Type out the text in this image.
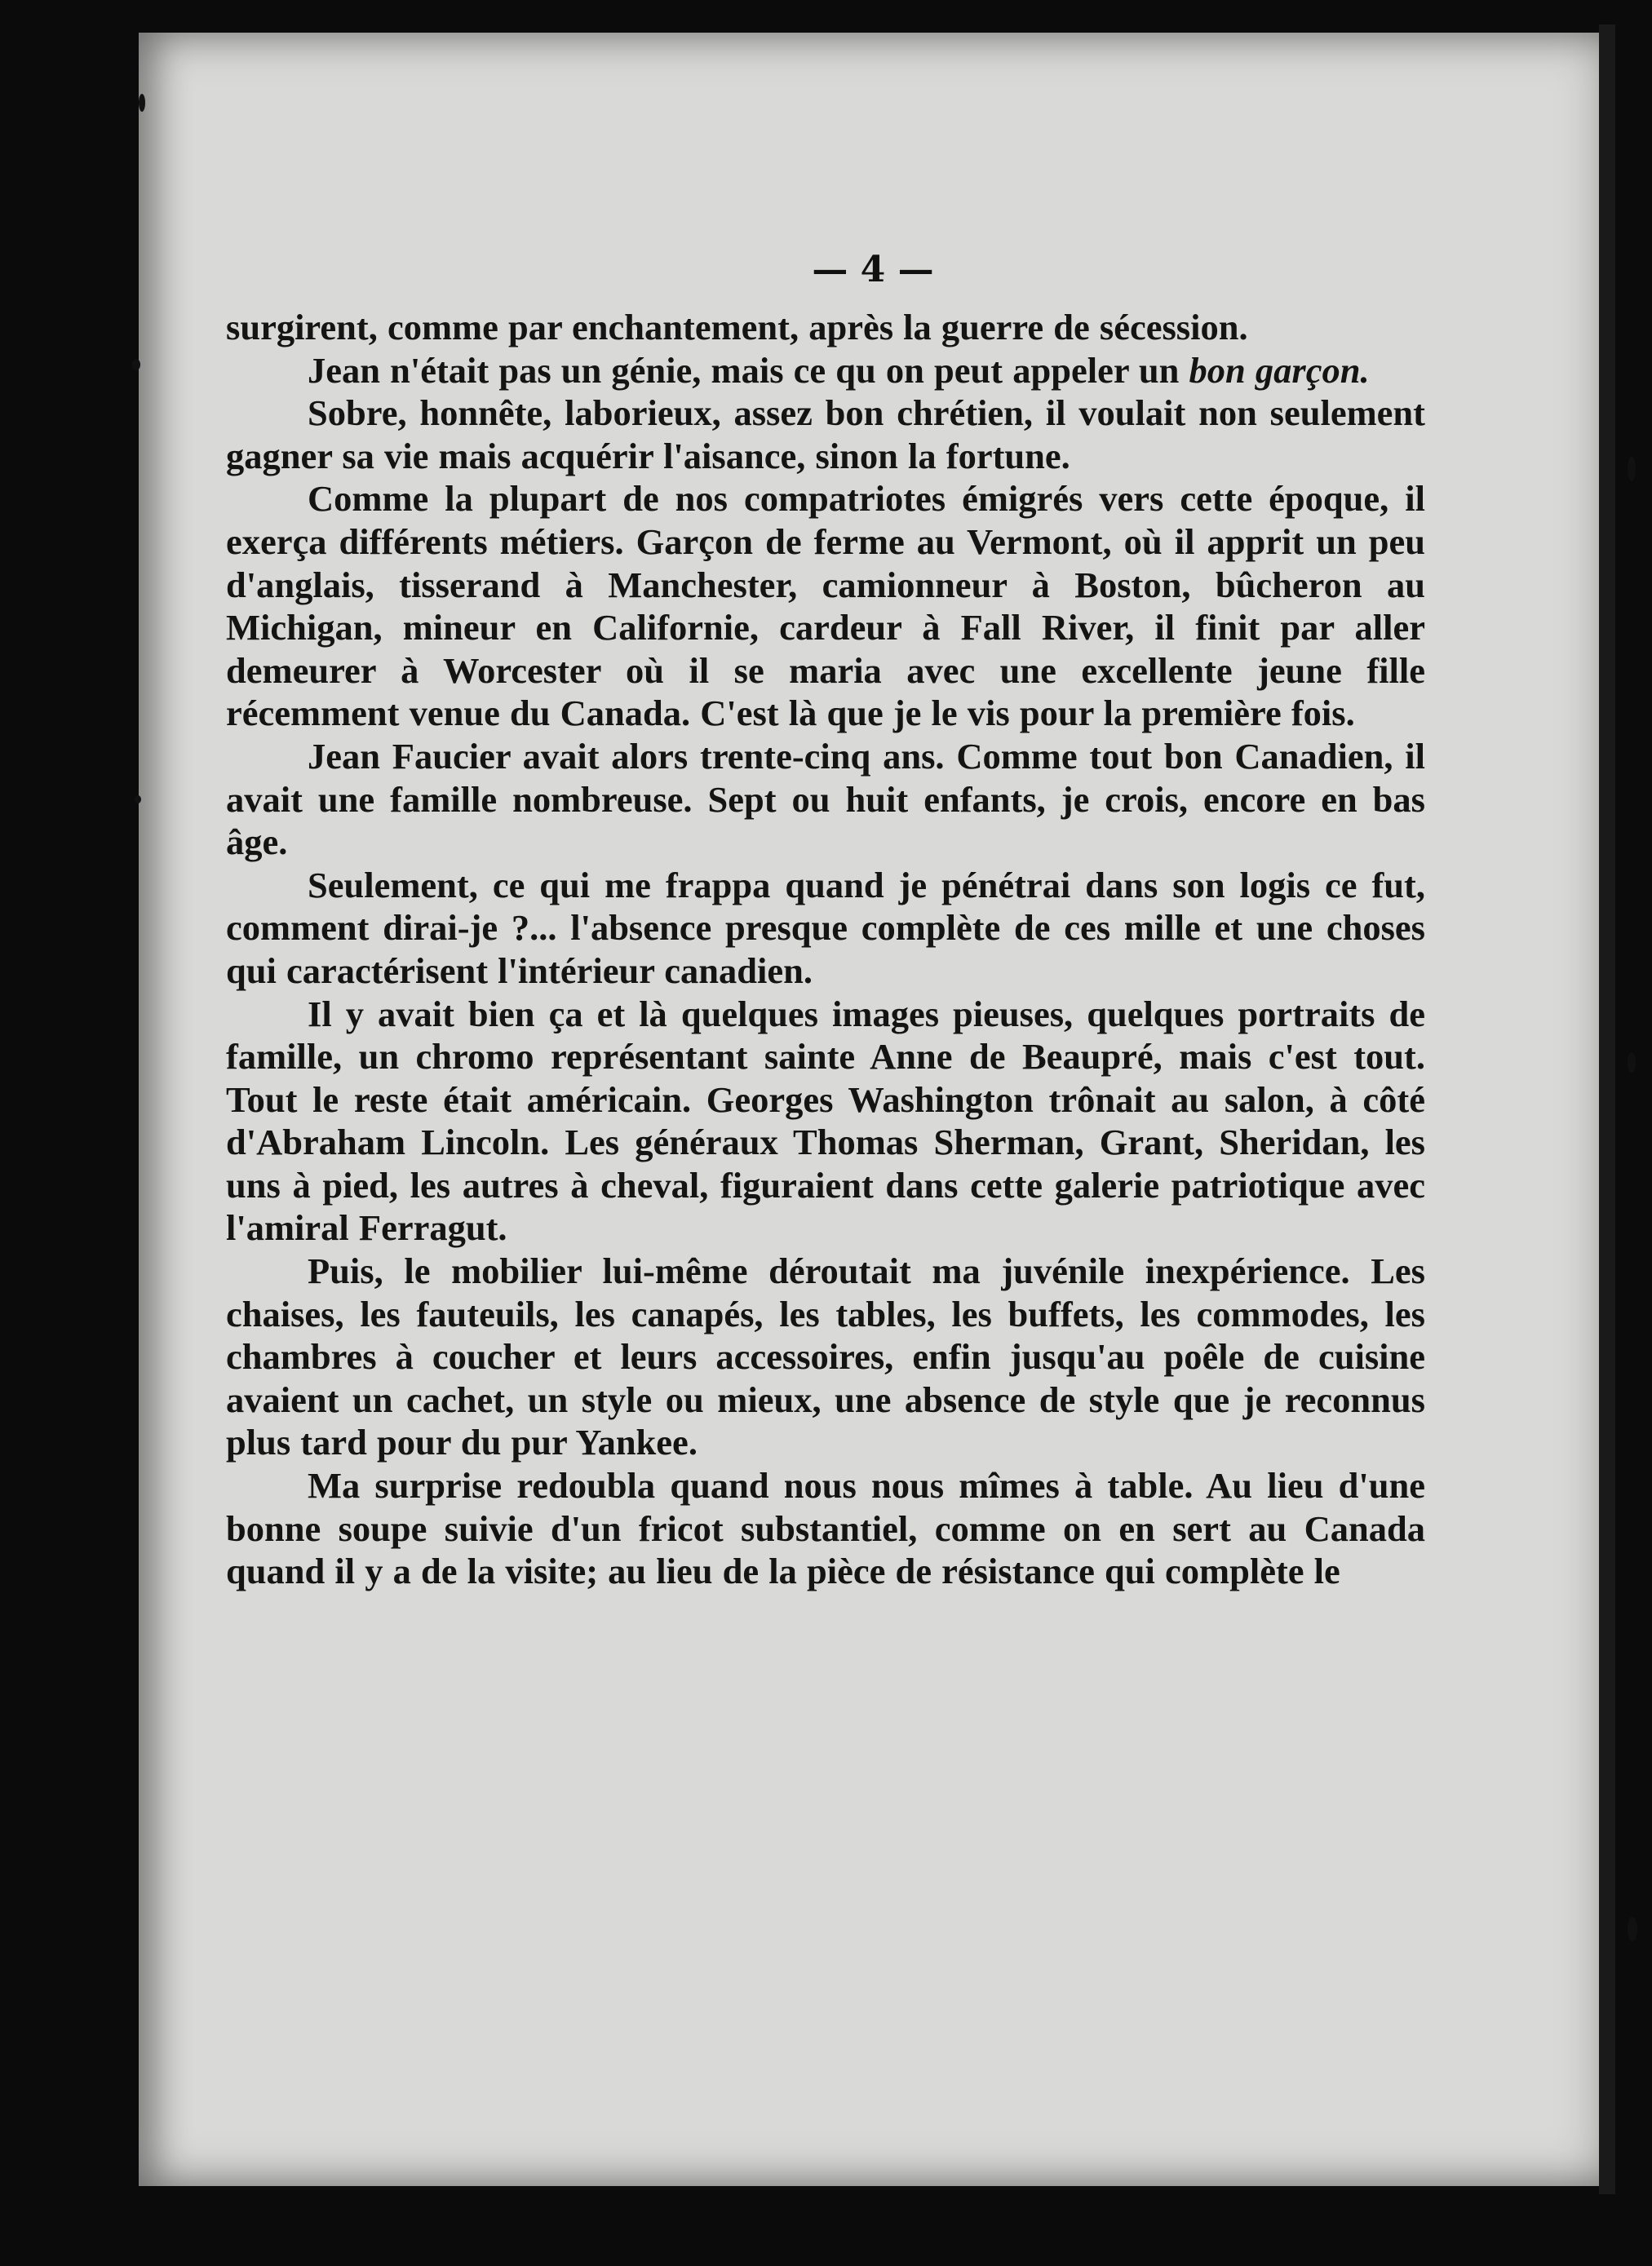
— 4 —

surgirent, comme par enchantement, après la guerre de sécession.

Jean n'était pas un génie, mais ce qu on peut appeler un bon garçon.

Sobre, honnête, laborieux, assez bon chrétien, il voulait non seulement gagner sa vie mais acquérir l'aisance, sinon la fortune.

Comme la plupart de nos compatriotes émigrés vers cette époque, il exerça différents métiers. Garçon de ferme au Vermont, où il apprit un peu d'anglais, tisserand à Manchester, camionneur à Boston, bûcheron au Michigan, mineur en Californie, cardeur à Fall River, il finit par aller demeurer à Worcester où il se maria avec une excellente jeune fille récemment venue du Canada. C'est là que je le vis pour la première fois.

Jean Faucier avait alors trente-cinq ans. Comme tout bon Canadien, il avait une famille nombreuse. Sept ou huit enfants, je crois, encore en bas âge.

Seulement, ce qui me frappa quand je pénétrai dans son logis ce fut, comment dirai-je ?... l'absence presque complète de ces mille et une choses qui caractérisent l'intérieur canadien.

Il y avait bien ça et là quelques images pieuses, quelques portraits de famille, un chromo représentant sainte Anne de Beaupré, mais c'est tout. Tout le reste était américain. Georges Washington trônait au salon, à côté d'Abraham Lincoln. Les généraux Thomas Sherman, Grant, Sheridan, les uns à pied, les autres à cheval, figuraient dans cette galerie patriotique avec l'amiral Ferragut.

Puis, le mobilier lui-même déroutait ma juvénile inexpérience. Les chaises, les fauteuils, les canapés, les tables, les buffets, les commodes, les chambres à coucher et leurs accessoires, enfin jusqu'au poêle de cuisine avaient un cachet, un style ou mieux, une absence de style que je reconnus plus tard pour du pur Yankee.

Ma surprise redoubla quand nous nous mîmes à table. Au lieu d'une bonne soupe suivie d'un fricot substantiel, comme on en sert au Canada quand il y a de la visite; au lieu de la pièce de résistance qui complète le
